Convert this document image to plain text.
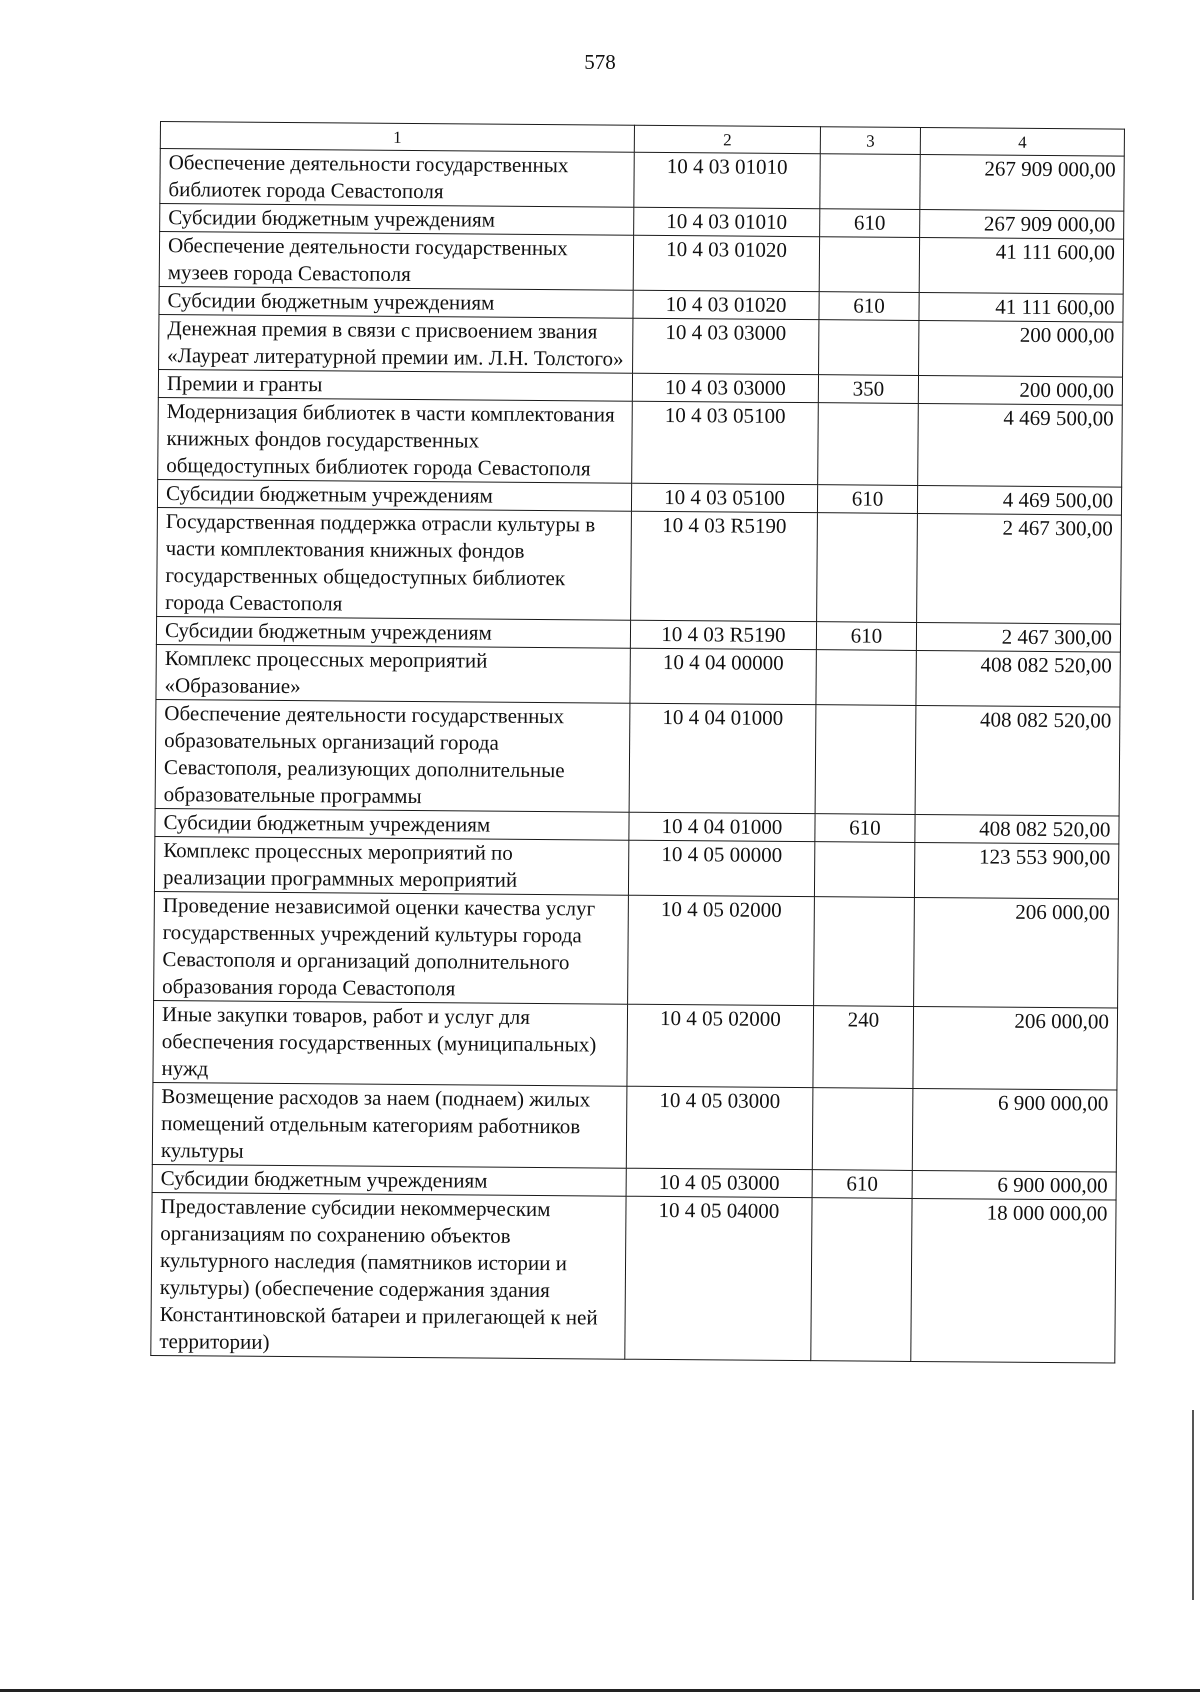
578
1	2	3	4
Обеспечение деятельности государственных библиотек города Севастополя	10 4 03 01010		267 909 000,00
Субсидии бюджетным учреждениям	10 4 03 01010	610	267 909 000,00
Обеспечение деятельности государственных музеев города Севастополя	10 4 03 01020		41 111 600,00
Субсидии бюджетным учреждениям	10 4 03 01020	610	41 111 600,00
Денежная премия в связи с присвоением звания «Лауреат литературной премии им. Л.Н. Толстого»	10 4 03 03000		200 000,00
Премии и гранты	10 4 03 03000	350	200 000,00
Модернизация библиотек в части комплектования книжных фондов государственных общедоступных библиотек города Севастополя	10 4 03 05100		4 469 500,00
Субсидии бюджетным учреждениям	10 4 03 05100	610	4 469 500,00
Государственная поддержка отрасли культуры в части комплектования книжных фондов государственных общедоступных библиотек города Севастополя	10 4 03 R5190		2 467 300,00
Субсидии бюджетным учреждениям	10 4 03 R5190	610	2 467 300,00
Комплекс процессных мероприятий «Образование»	10 4 04 00000		408 082 520,00
Обеспечение деятельности государственных образовательных организаций города Севастополя, реализующих дополнительные образовательные программы	10 4 04 01000		408 082 520,00
Субсидии бюджетным учреждениям	10 4 04 01000	610	408 082 520,00
Комплекс процессных мероприятий по реализации программных мероприятий	10 4 05 00000		123 553 900,00
Проведение независимой оценки качества услуг государственных учреждений культуры города Севастополя и организаций дополнительного образования города Севастополя	10 4 05 02000		206 000,00
Иные закупки товаров, работ и услуг для обеспечения государственных (муниципальных) нужд	10 4 05 02000	240	206 000,00
Возмещение расходов за наем (поднаем) жилых помещений отдельным категориям работников культуры	10 4 05 03000		6 900 000,00
Субсидии бюджетным учреждениям	10 4 05 03000	610	6 900 000,00
Предоставление субсидии некоммерческим организациям по сохранению объектов культурного наследия (памятников истории и культуры) (обеспечение содержания здания Константиновской батареи и прилегающей к ней территории)	10 4 05 04000		18 000 000,00
